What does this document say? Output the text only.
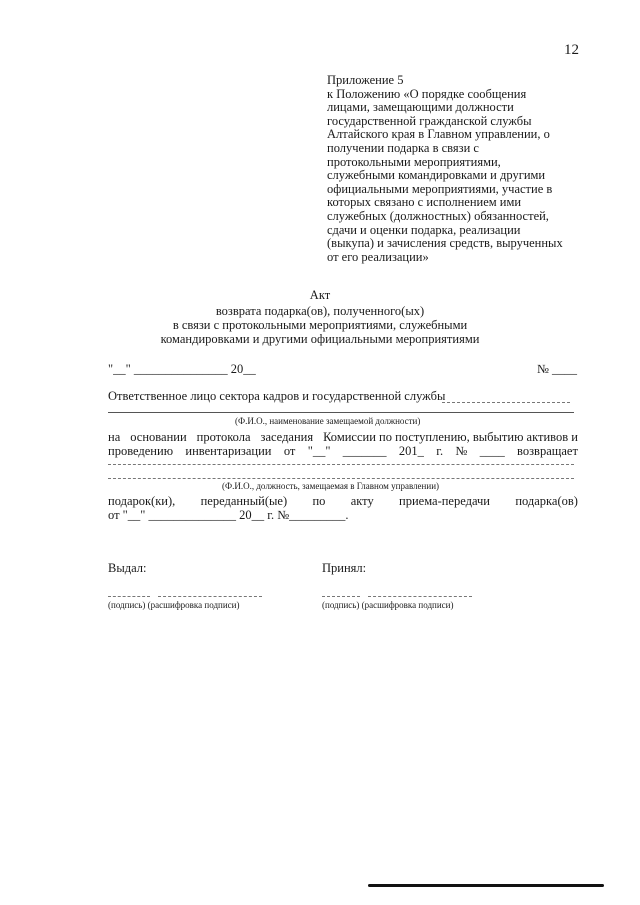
12
Приложение 5
к Положению «О порядке сообщения
лицами, замещающими должности
государственной гражданской службы
Алтайского края в Главном управлении, о
получении подарка в связи с
протокольными мероприятиями,
служебными командировками и другими
официальными мероприятиями, участие в
которых связано с исполнением ими
служебных (должностных) обязанностей,
сдачи и оценки подарка, реализации
(выкупа) и зачисления средств, вырученных
от его реализации»
Акт
возврата подарка(ов), полученного(ых)
в связи с протокольными мероприятиями, служебными
командировками и другими официальными мероприятиями
"__" _______________ 20__	№ ____
Ответственное лицо сектора кадров и государственной службы
(Ф.И.О., наименование замещаемой должности)
на основании протокола заседания Комиссии по поступлению, выбытию активов и
проведению инвентаризации от "__" _______ 201_ г. № ____ возвращает
(Ф.И.О., должность, замещаемая в Главном управлении)
подарок(ки), переданный(ые) по акту приема-передачи подарка(ов)
от "__" ______________ 20__ г. №_________.
Выдал:	Принял:
(подпись) (расшифровка подписи)	(подпись) (расшифровка подписи)
